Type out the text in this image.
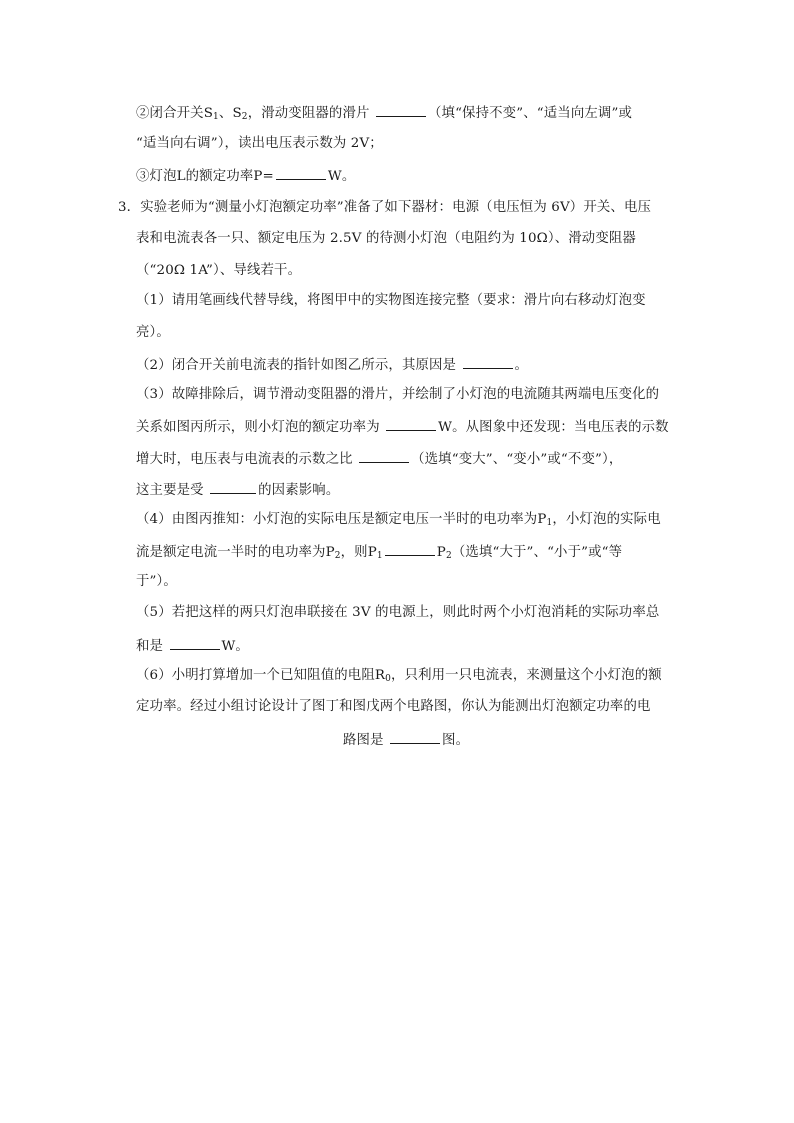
②闭合开关$S_1$、$S_2$，滑动变阻器的滑片	（填“保持不变”、“适当向左调”或
“适当向右调”），读出电压表示数为 2V；
③灯泡L的额定功率P=	W。
3．实验老师为“测量小灯泡额定功率”准备了如下器材：电源（电压恒为 6V）开关、电压
表和电流表各一只、额定电压为 2.5V 的待测小灯泡（电阻约为 10Ω）、滑动变阻器
（“20Ω 1A”）、导线若干。
（1）请用笔画线代替导线，将图甲中的实物图连接完整（要求：滑片向右移动灯泡变
亮）。
（2）闭合开关前电流表的指针如图乙所示，其原因是	。
（3）故障排除后，调节滑动变阻器的滑片，并绘制了小灯泡的电流随其两端电压变化的
关系如图丙所示，则小灯泡的额定功率为	W。从图象中还发现：当电压表的示数
增大时，电压表与电流表的示数之比	（选填“变大”、“变小”或“不变”），
这主要是受	的因素影响。
（4）由图丙推知：小灯泡的实际电压是额定电压一半时的电功率为$P_1$，小灯泡的实际电
流是额定电流一半时的电功率为$P_2$，则$P_1$	$P_2$（选填“大于”、“小于”或“等
于”）。
（5）若把这样的两只灯泡串联接在 3V 的电源上，则此时两个小灯泡消耗的实际功率总
和是	W。
（6）小明打算增加一个已知阻值的电阻$R_0$，只利用一只电流表，来测量这个小灯泡的额
定功率。经过小组讨论设计了图丁和图戊两个电路图，你认为能测出灯泡额定功率的电
路图是	图。
